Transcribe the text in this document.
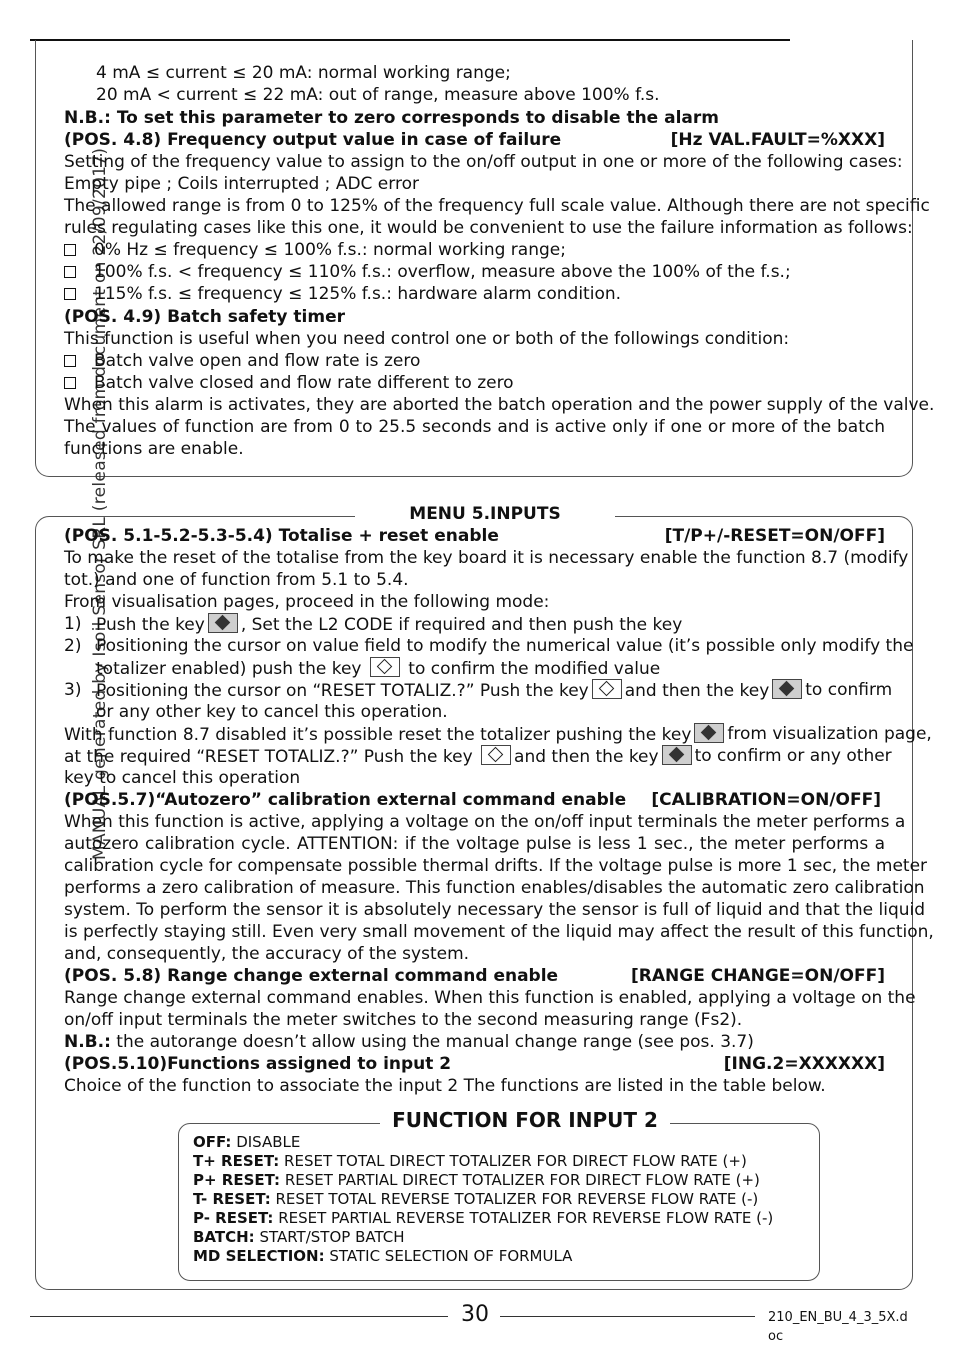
MANUAL generated by Isoil Sensor SRL (released from document on 22/09/2017)
4 mA ≤ current ≤ 20 mA: normal working range;
20 mA < current ≤ 22 mA: out of range, measure above 100% f.s.
N.B.: To set this parameter to zero corresponds to disable the alarm
(POS. 4.8) Frequency output value in case of failure	[Hz VAL.FAULT=%XXX]
Setting of the frequency value to assign to the on/off output in one or more of the following cases:
Empty pipe ; Coils interrupted ; ADC error
The allowed range is from 0 to 125% of the frequency full scale value. Although there are not specific
rules regulating cases like this one, it would be convenient to use the failure information as follows:
0% Hz ≤ frequency ≤ 100% f.s.: normal working range;
100% f.s. < frequency ≤ 110% f.s.: overflow, measure above the 100% of the f.s.;
115% f.s. ≤ frequency ≤ 125% f.s.: hardware alarm condition.
(POS. 4.9) Batch safety timer
This function is useful when you need control one or both of the followings condition:
Batch valve open and flow rate is zero
Batch valve closed and flow rate different to zero
When this alarm is activates, they are aborted the batch operation and the power supply of the valve.
The values of function are from 0 to 25.5 seconds and is active only if one or more of the batch
functions are enable.
MENU 5.INPUTS
(POS. 5.1-5.2-5.3-5.4) Totalise + reset enable	[T/P+/-RESET=ON/OFF]
To make the reset of the totalise from the key board it is necessary enable the function 8.7 (modify
tot.) and one of function from 5.1 to 5.4.
From visualisation pages, proceed in the following mode:
1) Push the key , Set the L2 CODE if required and then push the key
2) Positioning the cursor on value field to modify the numerical value (it’s possible only modify the
totalizer enabled) push the key	to confirm the modified value
3) Positioning the cursor on “RESET TOTALIZ.?” Push the key	and then the key	to confirm
or any other key to cancel this operation.
With function 8.7 disabled it’s possible reset the totalizer pushing the key	from visualization page,
at the required “RESET TOTALIZ.?” Push the key	and then the key	to confirm or any other
key to cancel this operation
(POS.5.7)“Autozero” calibration external command enable [CALIBRATION=ON/OFF]
When this function is active, applying a voltage on the on/off input terminals the meter performs a
autozero calibration cycle. ATTENTION: if the voltage pulse is less 1 sec., the meter performs a
calibration cycle for compensate possible thermal drifts. If the voltage pulse is more 1 sec, the meter
performs a zero calibration of measure. This function enables/disables the automatic zero calibration
system. To perform the sensor it is absolutely necessary the sensor is full of liquid and that the liquid
is perfectly staying still. Even very small movement of the liquid may affect the result of this function,
and, consequently, the accuracy of the system.
(POS. 5.8) Range change external command enable	[RANGE CHANGE=ON/OFF]
Range change external command enables. When this function is enabled, applying a voltage on the
on/off input terminals the meter switches to the second measuring range (Fs2).
N.B.: the autorange doesn’t allow using the manual change range (see pos. 3.7)
(POS.5.10)Functions assigned to input 2	[ING.2=XXXXXX]
Choice of the function to associate the input 2 The functions are listed in the table below.
FUNCTION FOR INPUT 2
OFF: DISABLE
T+ RESET: RESET TOTAL DIRECT TOTALIZER FOR DIRECT FLOW RATE (+)
P+ RESET: RESET PARTIAL DIRECT TOTALIZER FOR DIRECT FLOW RATE (+)
T- RESET: RESET TOTAL REVERSE TOTALIZER FOR REVERSE FLOW RATE (-)
P- RESET: RESET PARTIAL REVERSE TOTALIZER FOR REVERSE FLOW RATE (-)
BATCH: START/STOP BATCH
MD SELECTION: STATIC SELECTION OF FORMULA
30	210_EN_BU_4_3_5X.doc
